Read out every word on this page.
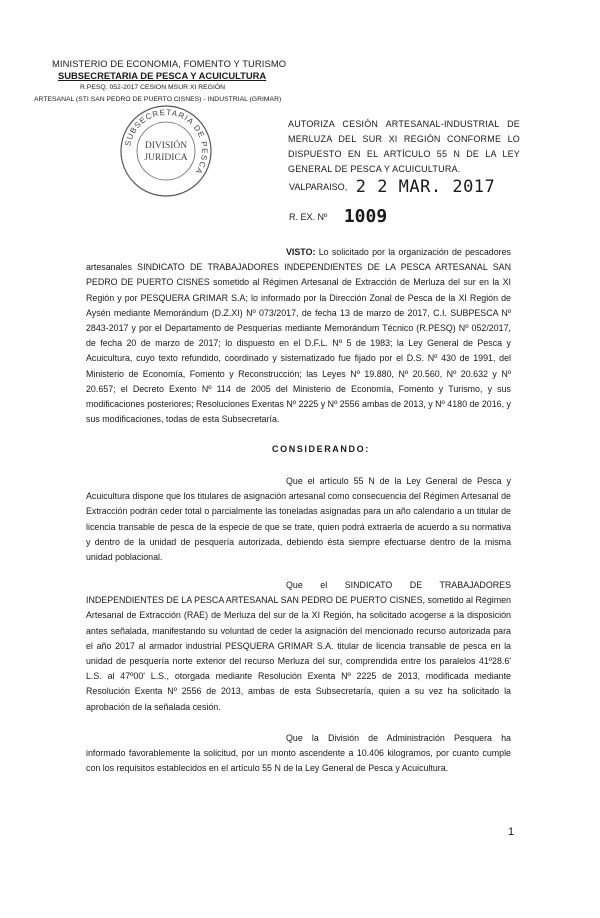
MINISTERIO DE ECONOMIA, FOMENTO Y TURISMO
SUBSECRETARIA DE PESCA Y ACUICULTURA
R.PESQ. 052-2017 CESION MSUR XI REGIÓN
ARTESANAL (STI SAN PEDRO DE PUERTO CISNES) - INDUSTRIAL (GRIMAR)
SUBSECRETARIA DE PESCA
DIVISIÓN
JURIDICA
AUTORIZA CESIÓN ARTESANAL-INDUSTRIAL DE MERLUZA DEL SUR XI REGIÓN CONFORME LO DISPUESTO EN EL ARTÍCULO 55 N DE LA LEY GENERAL DE PESCA Y ACUICULTURA.
VALPARAISO, 2 2 MAR. 2017
R. EX. Nº 1009
VISTO: Lo solicitado por la organización de pescadores artesanales SINDICATO DE TRABAJADORES INDEPENDIENTES DE LA PESCA ARTESANAL SAN PEDRO DE PUERTO CISNES sometido al Régimen Artesanal de Extracción de Merluza del sur en la XI Región y por PESQUERA GRIMAR S.A; lo informado por la Dirección Zonal de Pesca de la XI Región de Aysén mediante Memorándum (D.Z.XI) Nº 073/2017, de fecha 13 de marzo de 2017, C.I. SUBPESCA Nº 2843-2017 y por el Departamento de Pesquerías mediante Memorándum Técnico (R.PESQ) Nº 052/2017, de fecha 20 de marzo de 2017; lo dispuesto en el D.F.L. Nº 5 de 1983; la Ley General de Pesca y Acuicultura, cuyo texto refundido, coordinado y sistematizado fue fijado por el D.S. Nº 430 de 1991, del Ministerio de Economía, Fomento y Reconstrucción; las Leyes Nº 19.880, Nº 20.560, Nº 20.632 y Nº 20.657; el Decreto Exento Nº 114 de 2005 del Ministerio de Economía, Fomento y Turismo, y sus modificaciones posteriores; Resoluciones Exentas Nº 2225 y Nº 2556 ambas de 2013, y Nº 4180 de 2016, y sus modificaciones, todas de esta Subsecretaría.
CONSIDERANDO:
Que el artículo 55 N de la Ley General de Pesca y Acuicultura dispone que los titulares de asignación artesanal como consecuencia del Régimen Artesanal de Extracción podrán ceder total o parcialmente las toneladas asignadas para un año calendario a un titular de licencia transable de pesca de la especie de que se trate, quien podrá extraerla de acuerdo a su normativa y dentro de la unidad de pesquería autorizada, debiendo ésta siempre efectuarse dentro de la misma unidad poblacional.
Que el SINDICATO DE TRABAJADORES INDEPENDIENTES DE LA PESCA ARTESANAL SAN PEDRO DE PUERTO CISNES, sometido al Régimen Artesanal de Extracción (RAE) de Merluza del sur de la XI Región, ha solicitado acogerse a la disposición antes señalada, manifestando su voluntad de ceder la asignación del mencionado recurso autorizada para el año 2017 al armador industrial PESQUERA GRIMAR S.A. titular de licencia transable de pesca en la unidad de pesquería norte exterior del recurso Merluza del sur, comprendida entre los paralelos 41º28.6' L.S. al 47º00' L.S., otorgada mediante Resolución Exenta Nº 2225 de 2013, modificada mediante Resolución Exenta Nº 2556 de 2013, ambas de esta Subsecretaría, quien a su vez ha solicitado la aprobación de la señalada cesión.
Que la División de Administración Pesquera ha informado favorablemente la solicitud, por un monto ascendente a 10.406 kilogramos, por cuanto cumple con los requisitos establecidos en el artículo 55 N de la Ley General de Pesca y Acuicultura.
1
